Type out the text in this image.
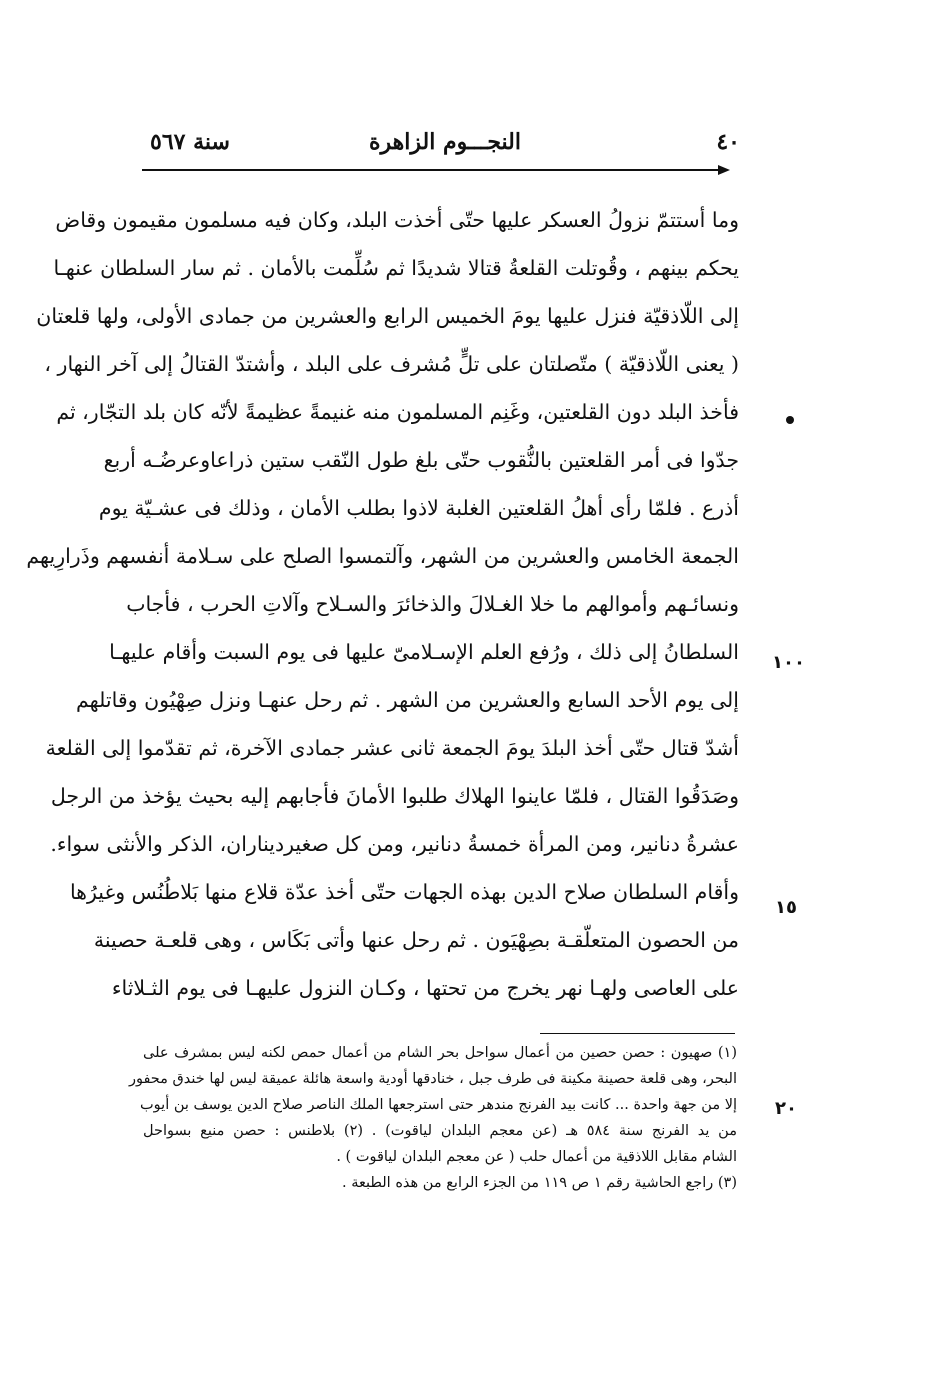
٤٠
النجـــوم الزاهرة
سنة ٥٦٧
١٠٠
١٥
٢٠
وما أستتمّ نزولُ العسكر عليها حتّى أخذت البلد، وكان فيه مسلمون مقيمون وقاض
يحكم بينهم ، وقُوتلت القلعةُ قتالا شديدًا ثم سُلِّمت بالأمان . ثم سار السلطان عنهـا
إلى اللّاذقيّة فنزل عليها يومَ الخميس الرابع والعشرين من جمادى الأولى، ولها قلعتان
( يعنى اللّاذقيّة ) متّصلتان على تلٍّ مُشرف على البلد ، وأشتدّ القتالُ إلى آخر النهار ،
فأخذ البلد دون القلعتين، وغَنِم المسلمون منه غنيمةً عظيمةً لأنّه كان بلد التجّار، ثم
جدّوا فى أمر القلعتين بالنُّقوب حتّى بلغ طول النّقب ستين ذراعاوعرضُـه أربع
أذرع . فلمّا رأى أهلُ القلعتين الغلبة لاذوا بطلب الأمان ، وذلك فى عشـيّة يوم
الجمعة الخامس والعشرين من الشهر، وآلتمسوا الصلح على سـلامة أنفسهم وذَرارِيهم
ونسائـهم وأموالهم ما خلا الغـلالَ والذخائرَ والسـلاح وآلاتِ الحرب ، فأجاب
السلطانُ إلى ذلك ، ورُفع العلم الإسـلامىّ عليها فى يوم السبت وأقام عليهـا
إلى يوم الأحد السابع والعشرين من الشهر . ثم رحل عنهـا ونزل صِهْيُون وقاتلهم
أشدّ قتال حتّى أخذ البلدَ يومَ الجمعة ثانى عشر جمادى الآخرة، ثم تقدّموا إلى القلعة
وصَدَقُوا القتال ، فلمّا عاينوا الهلاك طلبوا الأمانَ فأجابهم إليه بحيث يؤخذ من الرجل
عشرةُ دنانير، ومن المرأة خمسةُ دنانير، ومن كل صغيرديناران، الذكر والأنثى سواء.
وأقام السلطان صلاح الدين بهذه الجهات حتّى أخذ عدّة قلاع منها بَلاطُنُس وغيرُها
من الحصون المتعلّقـة بصِهْيَون . ثم رحل عنها وأتى بَكَاس ، وهى قلعـة حصينة
على العاصى ولهـا نهر يخرج من تحتها ، وكـان النزول عليهـا فى يوم الثـلاثاء
(١) صهيون : حصن حصين من أعمال سواحل بحر الشام من أعمال حمص لكنه ليس بمشرف على
البحر، وهى قلعة حصينة مكينة فى طرف جبل ، خنادقها أودية واسعة هائلة عميقة ليس لها خندق محفور
إلا من جهة واحدة ... كانت بيد الفرنج مندهر حتى استرجعها الملك الناصر صلاح الدين يوسف بن أيوب
من يد الفرنج سنة ٥٨٤ هـ (عن معجم البلدان لياقوت) . (٢) بلاطنس : حصن منيع بسواحل
الشام مقابل اللاذقية من أعمال حلب ( عن معجم البلدان لياقوت ) .
(٣) راجع الحاشية رقم ١ ص ١١٩ من الجزء الرابع من هذه الطبعة .
